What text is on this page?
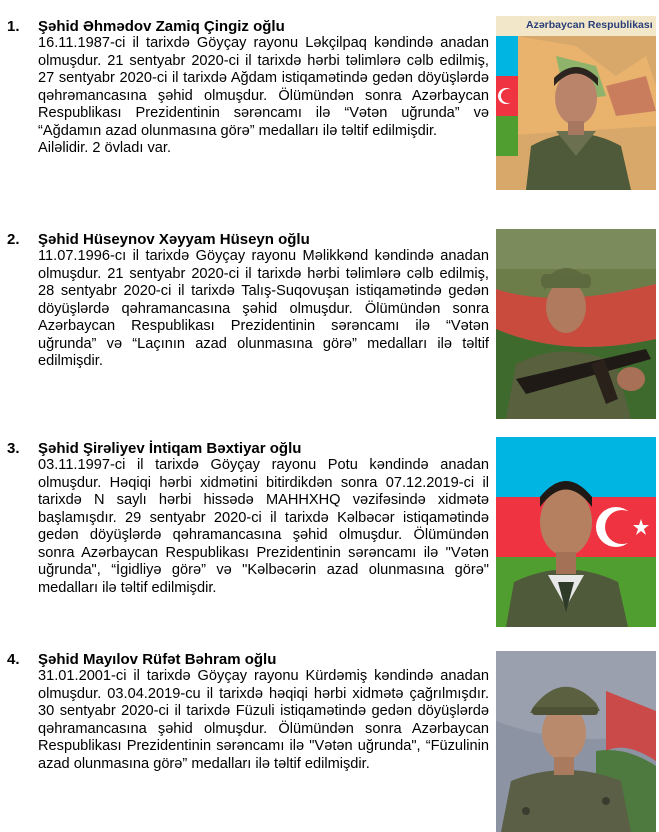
1. Şəhid Əhmədov Zamiq Çingiz oğlu
16.11.1987-ci il tarixdə Göyçay rayonu Ləkçilpaq kəndində anadan olmuşdur. 21 sentyabr 2020-ci il tarixdə hərbi təlimlərə cəlb edilmiş, 27 sentyabr 2020-ci il tarixdə Ağdam istiqamətində gedən döyüşlərdə qəhrəmancasına şəhid olmuşdur. Ölümündən sonra Azərbaycan Respublikası Prezidentinin sərəncamı ilə “Vətən uğrunda” və “Ağdamın azad olunmasına görə” medalları ilə təltif edilmişdir.
Ailəlidir. 2 övladı var.
Azərbaycan Respublikası
2. Şəhid Hüseynov Xəyyam Hüseyn oğlu
11.07.1996-cı il tarixdə Göyçay rayonu Məlikkənd kəndində anadan olmuşdur. 21 sentyabr 2020-ci il tarixdə hərbi təlimlərə cəlb edilmiş, 28 sentyabr 2020-ci il tarixdə Talış-Suqovuşan istiqamətində gedən döyüşlərdə qəhramancasına şəhid olmuşdur. Ölümündən sonra Azərbaycan Respublikası Prezidentinin sərəncamı ilə “Vətən uğrunda” və “Laçının azad olunmasına görə” medalları ilə təltif edilmişdir.
3. Şəhid Şirəliyev İntiqam Bəxtiyar oğlu
03.11.1997-ci il tarixdə Göyçay rayonu Potu kəndində anadan olmuşdur. Həqiqi hərbi xidmətini bitirdikdən sonra 07.12.2019-ci il tarixdə N saylı hərbi hissədə MAHHXHQ vəzifəsində xidmətə başlamışdır. 29 sentyabr 2020-ci il tarixdə Kəlbəcər istiqamətində gedən döyüşlərdə qəhramancasına şəhid olmuşdur. Ölümündən sonra Azərbaycan Respublikası Prezidentinin sərəncamı ilə "Vətən uğrunda", “İgidliyə görə” və "Kəlbəcərin azad olunmasına görə" medalları ilə təltif edilmişdir.
4. Şəhid Mayılov Rüfət Bəhram oğlu
31.01.2001-ci il tarixdə Göyçay rayonu Kürdəmiş kəndində anadan olmuşdur. 03.04.2019-cu il tarixdə həqiqi hərbi xidmətə çağrılmışdır. 30 sentyabr 2020-ci il tarixdə Füzuli istiqamətində gedən döyüşlərdə qəhramancasına şəhid olmuşdur. Ölümündən sonra Azərbaycan Respublikası Prezidentinin sərəncamı ilə "Vətən uğrunda", “Füzulinin azad olunmasına görə” medalları ilə təltif edilmişdir.
